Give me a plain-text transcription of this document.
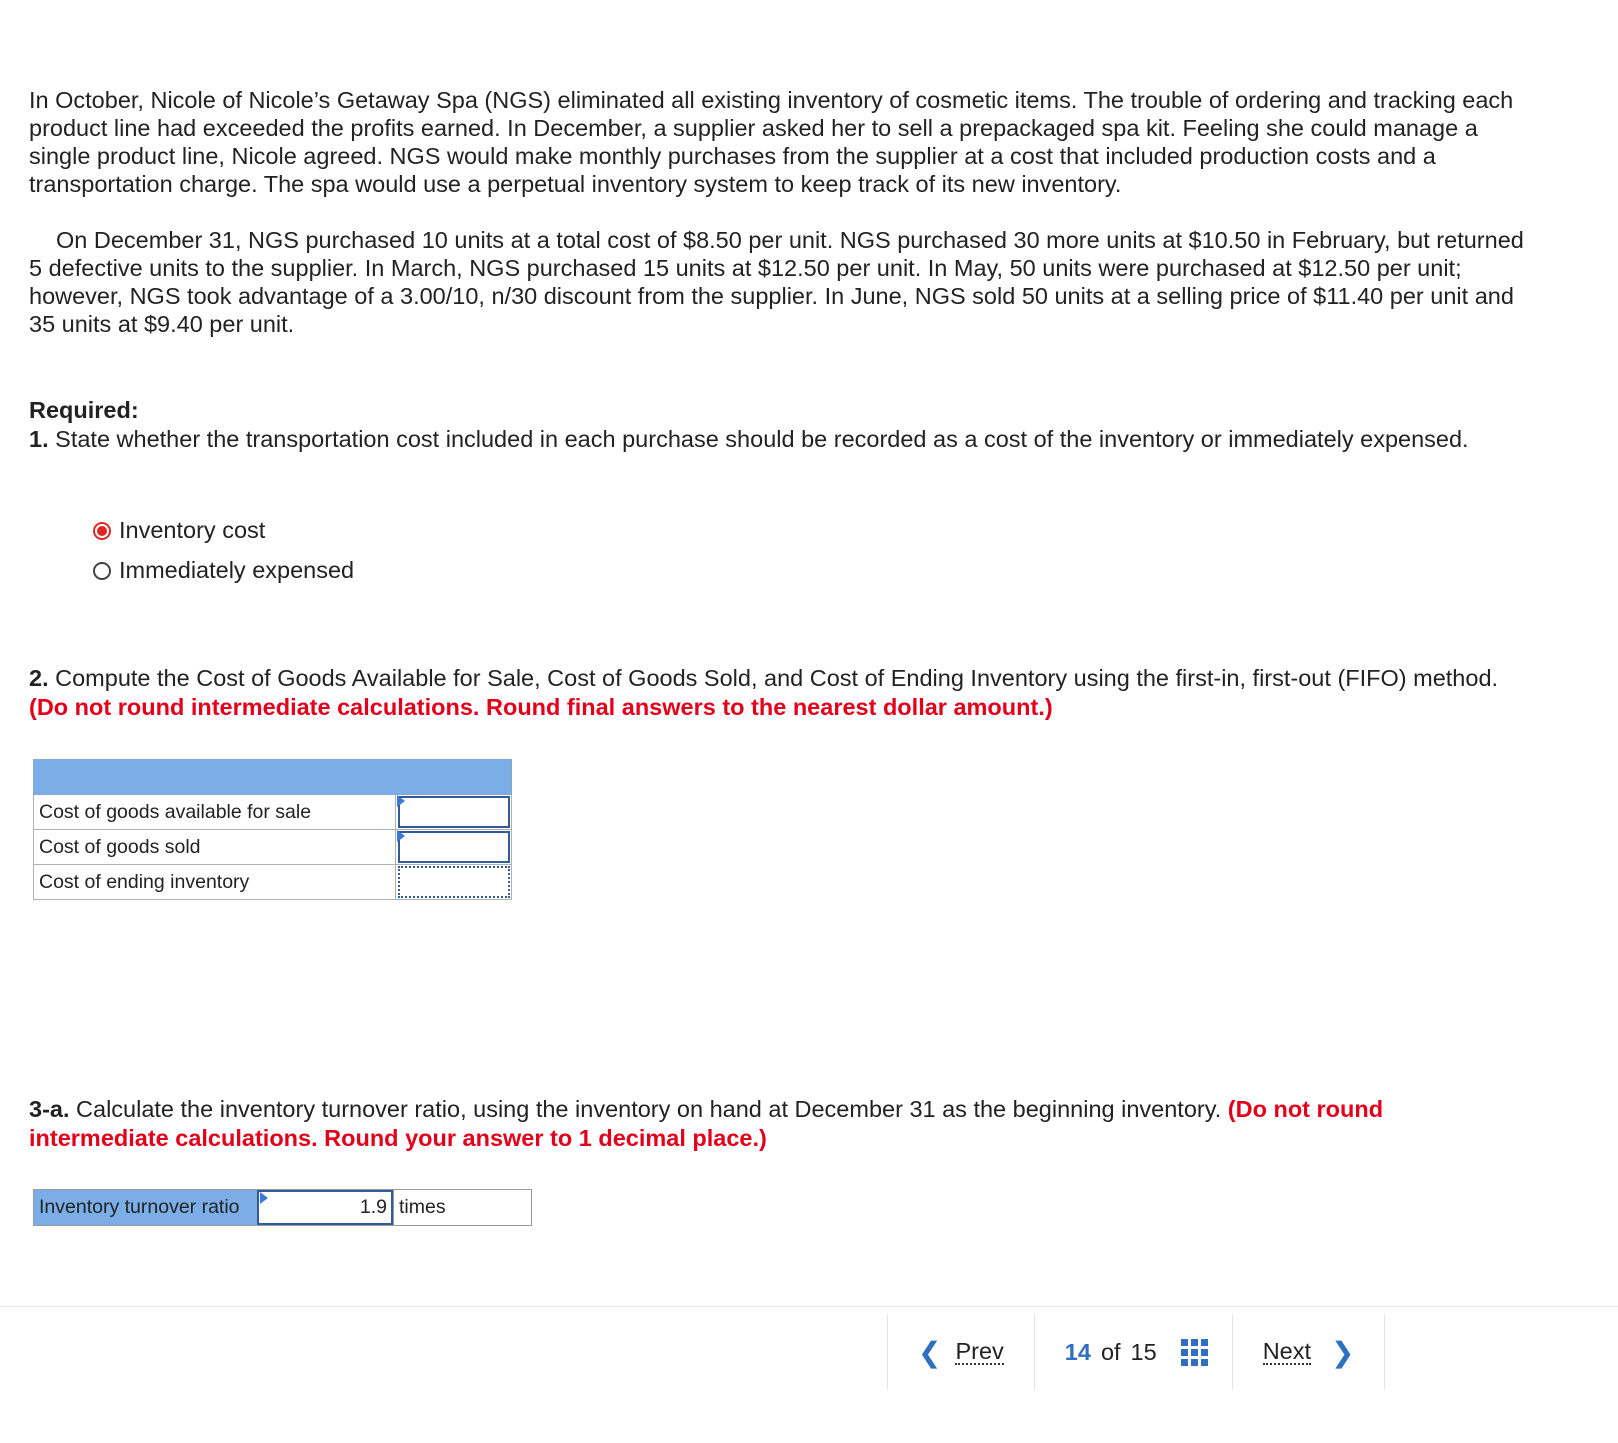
In October, Nicole of Nicole’s Getaway Spa (NGS) eliminated all existing inventory of cosmetic items. The trouble of ordering and tracking each product line had exceeded the profits earned. In December, a supplier asked her to sell a prepackaged spa kit. Feeling she could manage a single product line, Nicole agreed. NGS would make monthly purchases from the supplier at a cost that included production costs and a transportation charge. The spa would use a perpetual inventory system to keep track of its new inventory.

On December 31, NGS purchased 10 units at a total cost of $8.50 per unit. NGS purchased 30 more units at $10.50 in February, but returned 5 defective units to the supplier. In March, NGS purchased 15 units at $12.50 per unit. In May, 50 units were purchased at $12.50 per unit; however, NGS took advantage of a 3.00/10, n/30 discount from the supplier. In June, NGS sold 50 units at a selling price of $11.40 per unit and 35 units at $9.40 per unit.

Required:

1. State whether the transportation cost included in each purchase should be recorded as a cost of the inventory or immediately expensed.

Inventory cost
Immediately expensed

2. Compute the Cost of Goods Available for Sale, Cost of Goods Sold, and Cost of Ending Inventory using the first-in, first-out (FIFO) method. (Do not round intermediate calculations. Round final answers to the nearest dollar amount.)

Cost of goods available for sale	

Cost of goods sold	

Cost of ending inventory	

3-a. Calculate the inventory turnover ratio, using the inventory on hand at December 31 as the beginning inventory. (Do not round intermediate calculations. Round your answer to 1 decimal place.)

Inventory turnover ratio	1.9 times
❮ Prev	14 of 15	Next ❯
